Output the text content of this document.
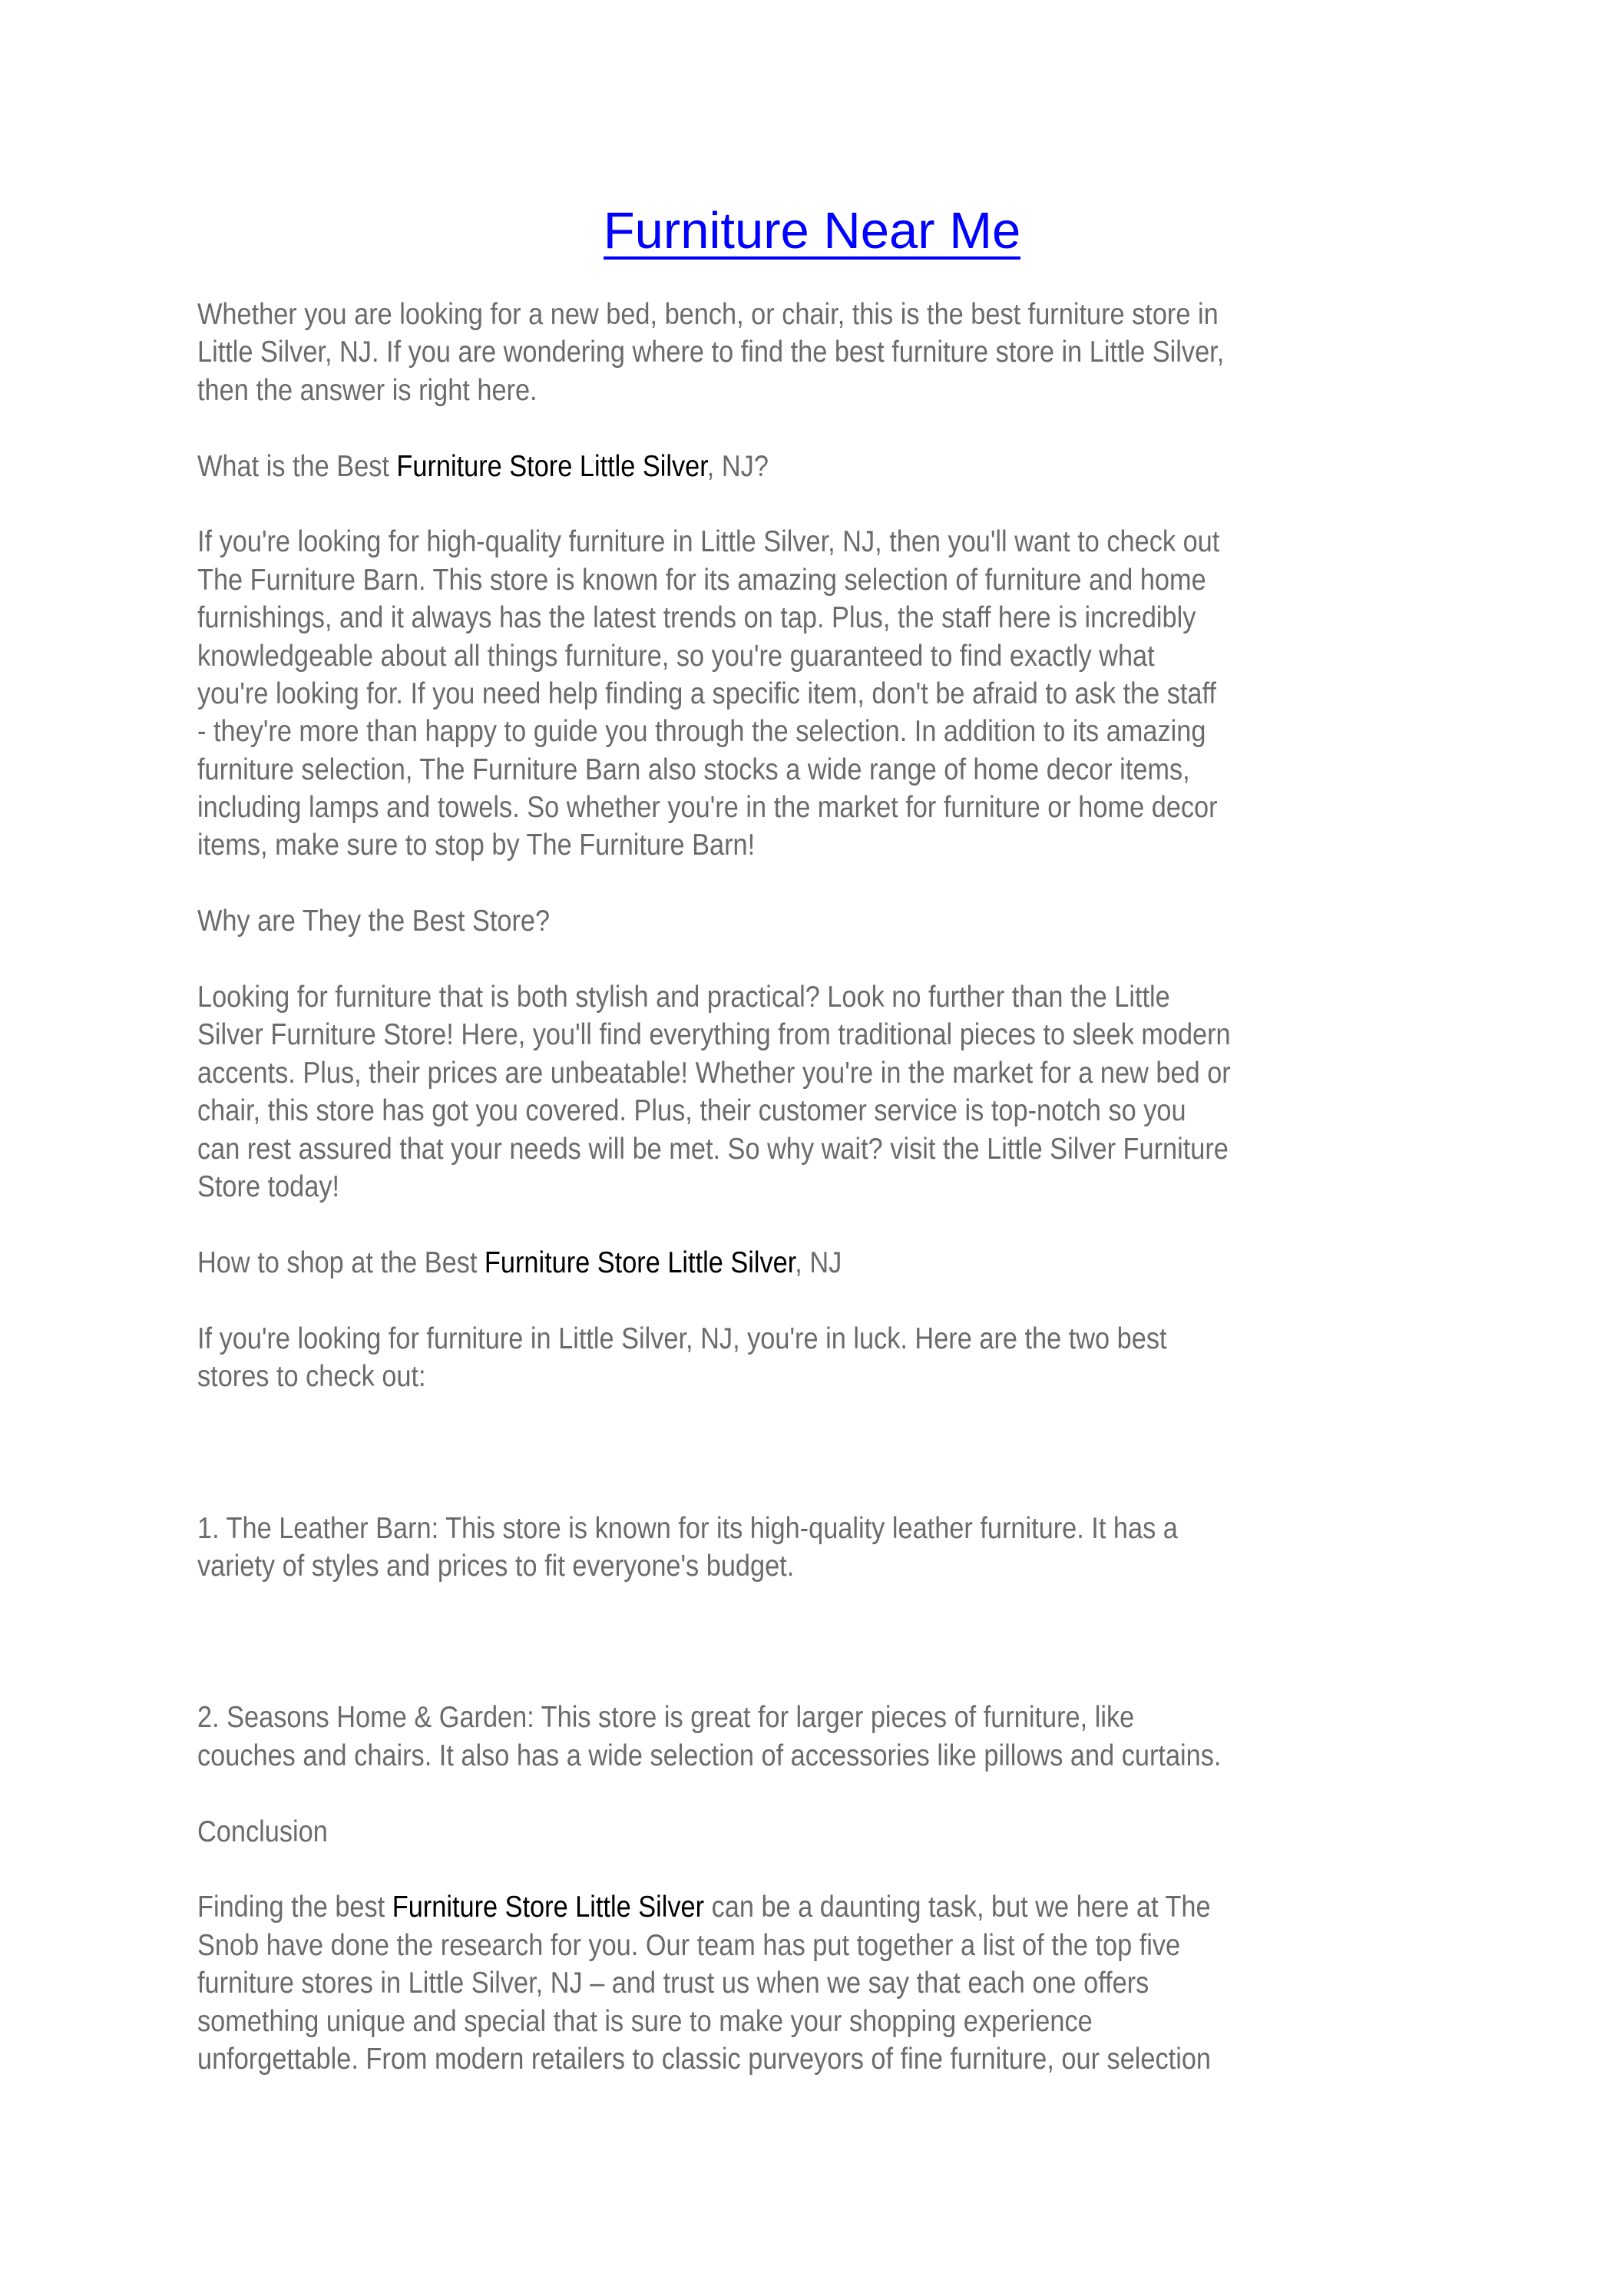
Furniture Near Me
Whether you are looking for a new bed, bench, or chair, this is the best furniture store in
Little Silver, NJ. If you are wondering where to find the best furniture store in Little Silver,
then the answer is right here.
What is the Best Furniture Store Little Silver, NJ?
If you're looking for high-quality furniture in Little Silver, NJ, then you'll want to check out
The Furniture Barn. This store is known for its amazing selection of furniture and home
furnishings, and it always has the latest trends on tap. Plus, the staff here is incredibly
knowledgeable about all things furniture, so you're guaranteed to find exactly what
you're looking for. If you need help finding a specific item, don't be afraid to ask the staff
- they're more than happy to guide you through the selection. In addition to its amazing
furniture selection, The Furniture Barn also stocks a wide range of home decor items,
including lamps and towels. So whether you're in the market for furniture or home decor
items, make sure to stop by The Furniture Barn!
Why are They the Best Store?
Looking for furniture that is both stylish and practical? Look no further than the Little
Silver Furniture Store! Here, you'll find everything from traditional pieces to sleek modern
accents. Plus, their prices are unbeatable! Whether you're in the market for a new bed or
chair, this store has got you covered. Plus, their customer service is top-notch so you
can rest assured that your needs will be met. So why wait? visit the Little Silver Furniture
Store today!
How to shop at the Best Furniture Store Little Silver, NJ
If you're looking for furniture in Little Silver, NJ, you're in luck. Here are the two best
stores to check out:
1. The Leather Barn: This store is known for its high-quality leather furniture. It has a
variety of styles and prices to fit everyone's budget.
2. Seasons Home & Garden: This store is great for larger pieces of furniture, like
couches and chairs. It also has a wide selection of accessories like pillows and curtains.
Conclusion
Finding the best Furniture Store Little Silver can be a daunting task, but we here at The
Snob have done the research for you. Our team has put together a list of the top five
furniture stores in Little Silver, NJ – and trust us when we say that each one offers
something unique and special that is sure to make your shopping experience
unforgettable. From modern retailers to classic purveyors of fine furniture, our selection
